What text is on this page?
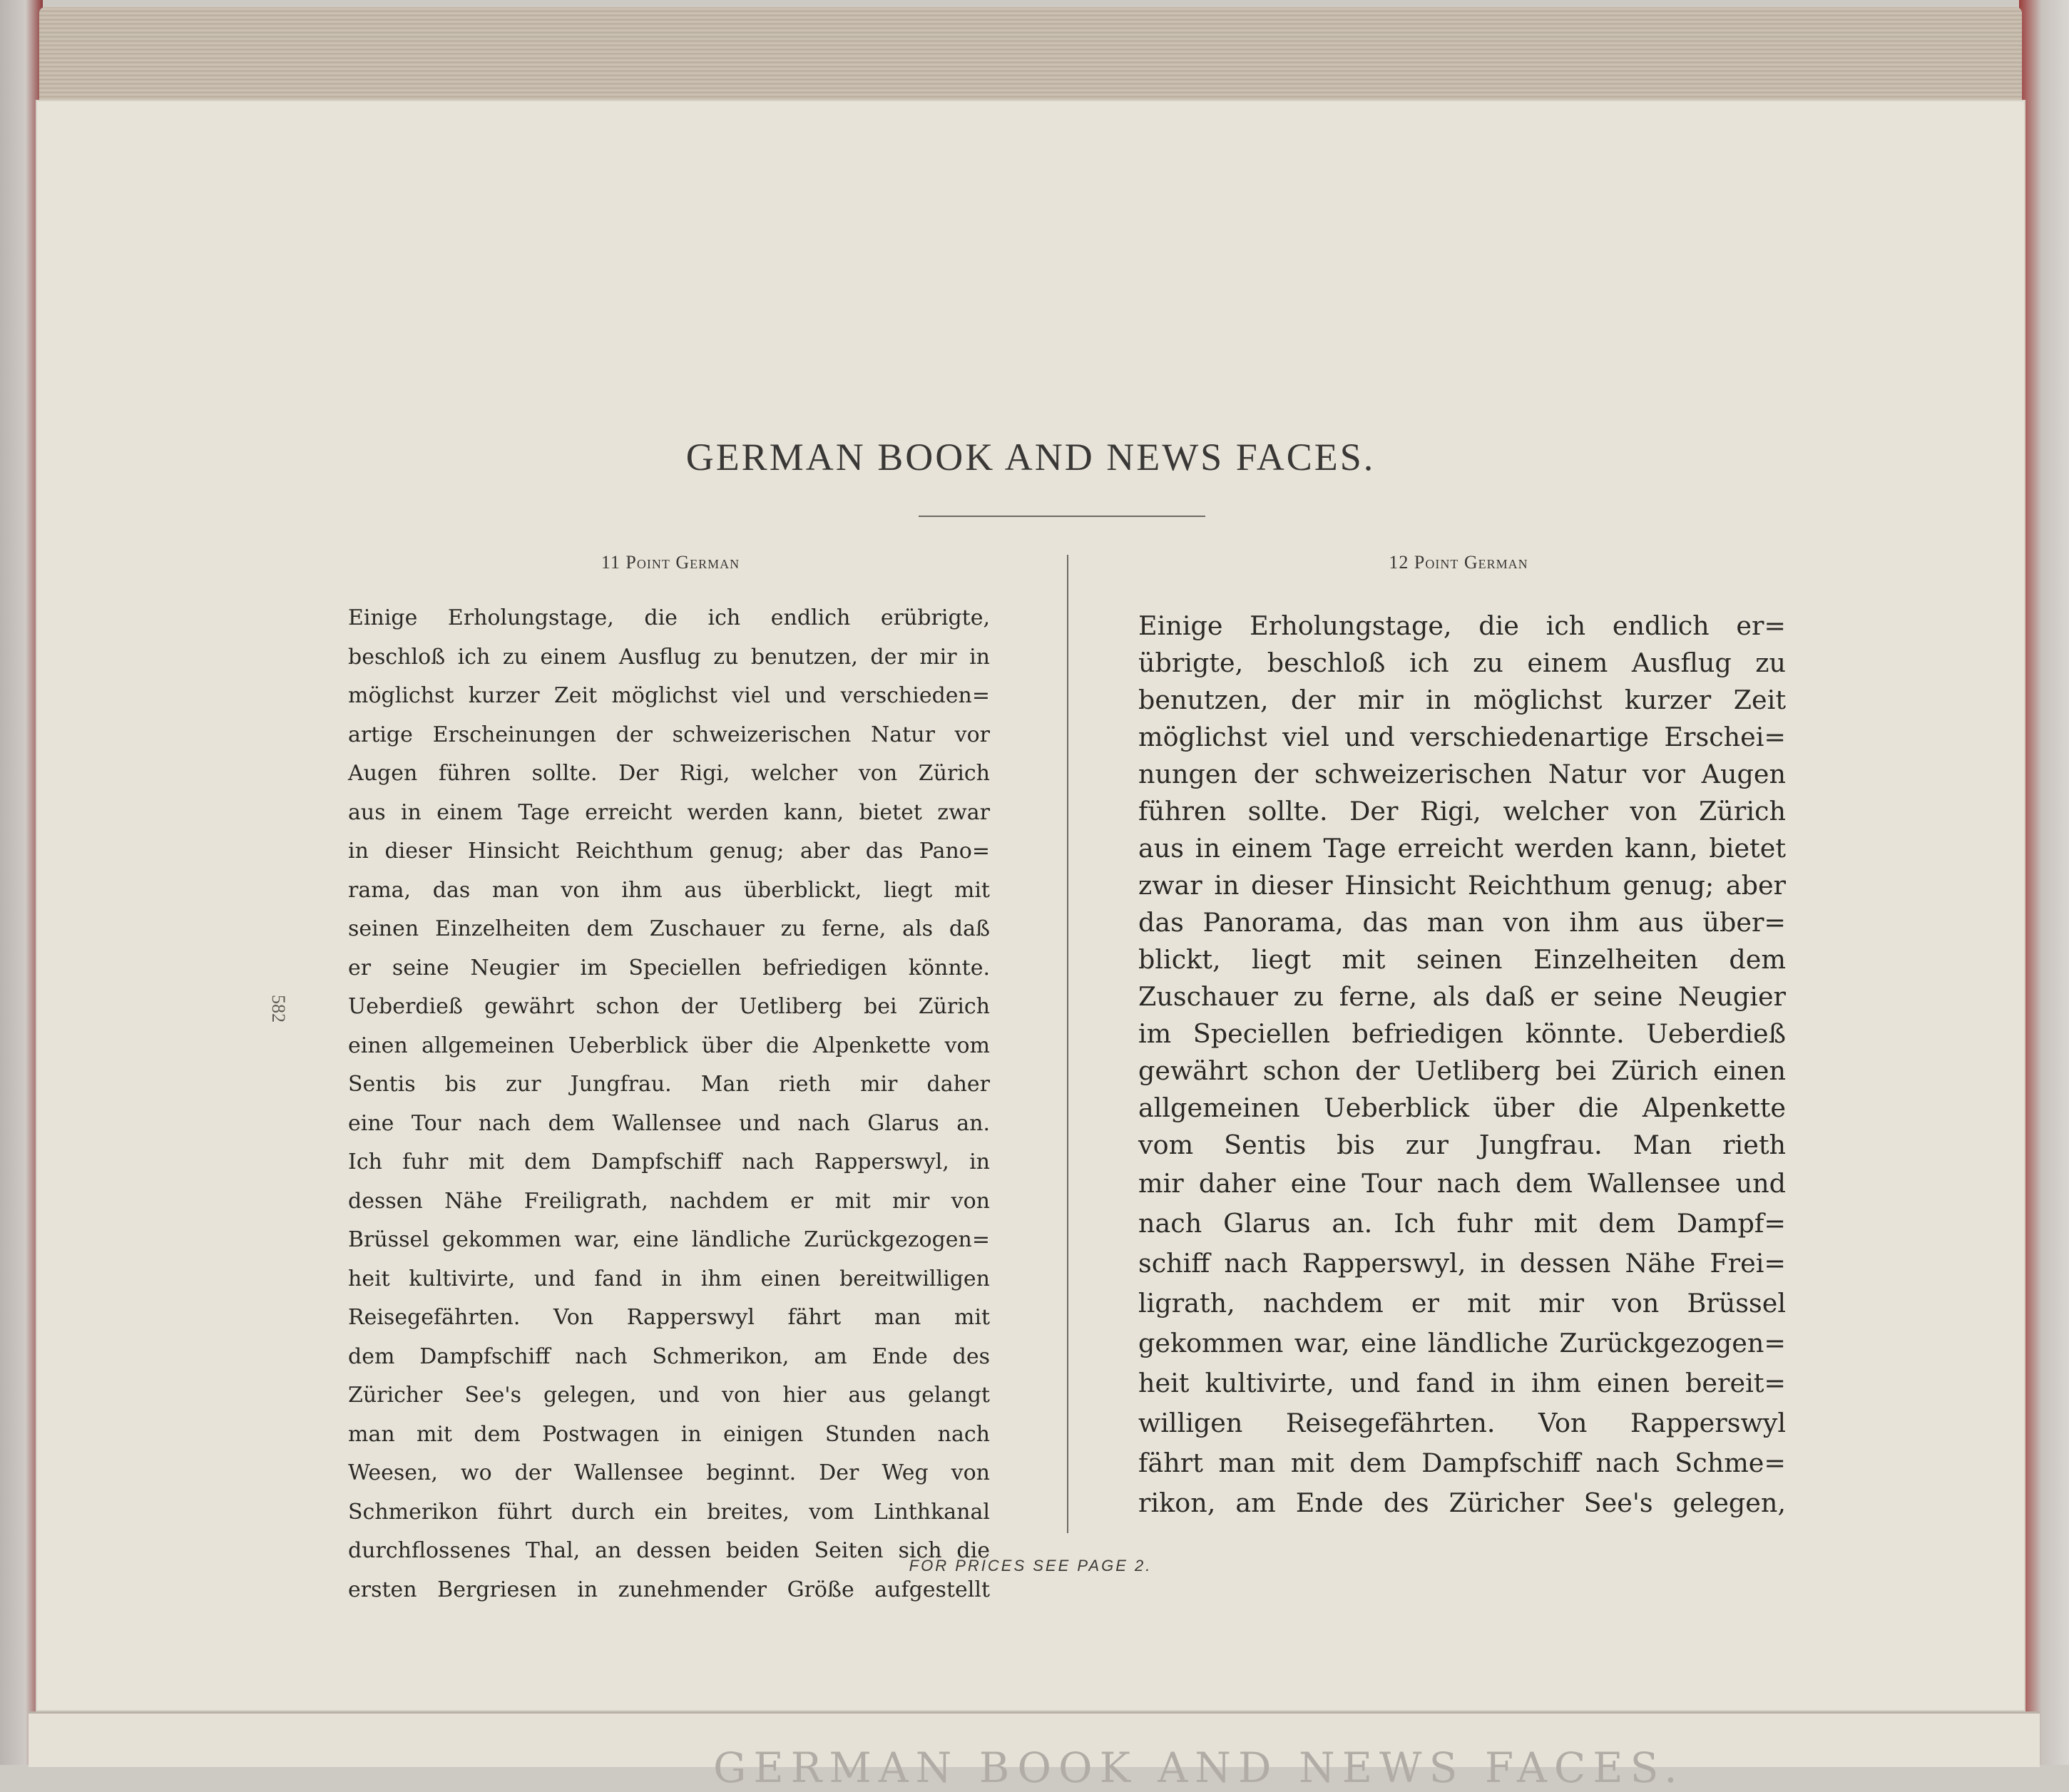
GERMAN BOOK AND NEWS FACES.
11 Point German	12 Point German
Einige Erholungstage, die ich endlich erübrigte,
beschloß ich zu einem Ausflug zu benutzen, der mir in
möglichst kurzer Zeit möglichst viel und verschieden=
artige Erscheinungen der schweizerischen Natur vor
Augen führen sollte. Der Rigi, welcher von Zürich
aus in einem Tage erreicht werden kann, bietet zwar
in dieser Hinsicht Reichthum genug; aber das Pano=
rama, das man von ihm aus überblickt, liegt mit
seinen Einzelheiten dem Zuschauer zu ferne, als daß
er seine Neugier im Speciellen befriedigen könnte.
Ueberdieß gewährt schon der Uetliberg bei Zürich
einen allgemeinen Ueberblick über die Alpenkette vom
Sentis bis zur Jungfrau. Man rieth mir daher
eine Tour nach dem Wallensee und nach Glarus an.
Ich fuhr mit dem Dampfschiff nach Rapperswyl, in
dessen Nähe Freiligrath, nachdem er mit mir von
Brüssel gekommen war, eine ländliche Zurückgezogen=
heit kultivirte, und fand in ihm einen bereitwilligen
Reisegefährten. Von Rapperswyl fährt man mit
dem Dampfschiff nach Schmerikon, am Ende des
Züricher See's gelegen, und von hier aus gelangt
man mit dem Postwagen in einigen Stunden nach
Weesen, wo der Wallensee beginnt. Der Weg von
Schmerikon führt durch ein breites, vom Linthkanal
durchflossenes Thal, an dessen beiden Seiten sich die
ersten Bergriesen in zunehmender Größe aufgestellt
Einige Erholungstage, die ich endlich er=
übrigte, beschloß ich zu einem Ausflug zu
benutzen, der mir in möglichst kurzer Zeit
möglichst viel und verschiedenartige Erschei=
nungen der schweizerischen Natur vor Augen
führen sollte. Der Rigi, welcher von Zürich
aus in einem Tage erreicht werden kann, bietet
zwar in dieser Hinsicht Reichthum genug; aber
das Panorama, das man von ihm aus über=
blickt, liegt mit seinen Einzelheiten dem
Zuschauer zu ferne, als daß er seine Neugier
im Speciellen befriedigen könnte. Ueberdieß
gewährt schon der Uetliberg bei Zürich einen
allgemeinen Ueberblick über die Alpenkette
vom Sentis bis zur Jungfrau. Man rieth
mir daher eine Tour nach dem Wallensee und
nach Glarus an. Ich fuhr mit dem Dampf=
schiff nach Rapperswyl, in dessen Nähe Frei=
ligrath, nachdem er mit mir von Brüssel
gekommen war, eine ländliche Zurückgezogen=
heit kultivirte, und fand in ihm einen bereit=
willigen Reisegefährten. Von Rapperswyl
fährt man mit dem Dampfschiff nach Schme=
rikon, am Ende des Züricher See's gelegen,
582
FOR PRICES SEE PAGE 2.
GERMAN BOOK AND NEWS FACES.
